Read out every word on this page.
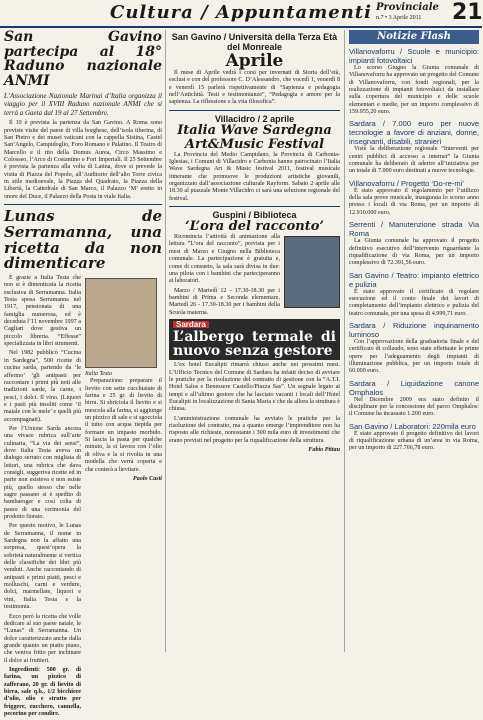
Cultura / Appuntamenti Provinciale
n.7 • 3 Aprile 2011 21
San Gavino partecipa al 18° Raduno nazionale ANMI
L’Associazione Nazionale Marinai d’Italia organizza il viaggio per il XVIII Raduno nazionale ANMI che si terrà a Gaeta dal 19 al 27 Settembre.

Il 19 è prevista la partenza da San Gavino. A Roma sono previste visite del paese di villa borghese, dell’isola tiberina, di San Pietro e dei musei vaticani con la cappella Sistina, Castel San’Angelo, Campidoglio, Foro Romano e Palatino. Il Teatro di Marcello e il rito della Domus Aurea, Circo Massimo e Colosseo, l’Arco di Costantino e Fori Imperiali. Il 25 Settembre è prevista la partenza alla volta di Latina, dove si prevede la visita di Piazza del Popolo, all’Auditorio dell’alto Torre civica in stile medioevale, la Piazza del Quadrato, la Piazza della Libertà, la Cattedrale di San Marco, il Palazzo ‘M’ eretto in onore del Duce, il Palazzo della Posta in viale Italia.

Lunas de Serramanna, una ricetta da non dimenticare

È grazie a Italia Testa che non si è dimenticata la ricetta esclusiva di Serramanna. Italia Testa sposa Serramanna nel 1917, pensionata di una famiglia numerosa, ed è deceduta l’11 novembre 1997 a Cagliari dove gestiva un piccolo libreria. “Effesse” specializzata in libri strumenti.

Nel 1982 pubblicò “Cucina in Sardegna”, 500 ricette di cucina sarda, partendo da ‘le affermo’ ‘gli antipasti per raccontare i primi più noti alle tradizioni sarde, la carne, i pesci, i dolci. Il vino. (Liquori e i pasti più insoliti come ‘il maiale con le mele’ e quelli più accompagnati).

Per l’Unione Sarda ancora una vivace rubrica sull’arte culinaria, “La via dei sensi”, dove Italia Testa aveva un dialogo serrato con migliaia di lettori, una rubrica che dava consigli, suggeriva ricette ed in parte non esisteva e non esiste più, quello stesso che nelle sagre passano si è spedito di bambaroger e così colta di passo di una cerimonia del prodotto fioraio.

Per questo motivo, le Lunas de Serramanna, il nome in Sardegna non fa affatto una sorpresa, quest’opera la sobrietà naturalmente si vertica delle classifiche dei libri più venduti. Anche raccontando di antipasti e primi piatti, pesci e molluschi, carni e verdure, dolci, marmellate, liquori e vini, Italia Testa e la testimonia.

Ecco però la ricetta che volle dedicare al suo paese natale, le “Lunas” di Serramanna. Un dolce caratterizzato anche dalla grande quanto un piatto piano, che veniva fritto per inchinare il dolce ai fruttieri.

Ingredienti: 500 gr. di farina, un pizzico di zafferano, 20 gr. di lievito di birra, sale q.b., 1/2 bicchiere d’olio, olio e strutto per friggere, zucchero, cannella, pecorino per condire.

Italia Testa

Preparazione: preparare il lievito con sette cucchiaiate di farina e 25 gr. di lievito di birra. Si sbriciola il lievito e si mescola alla farina, si aggiunge un pizzico di sale e si sgocciola il tutto con acqua tiepida per formare un impasto morbido. Si lascia la pasta per qualche minuto, la si lavora con l’olio di oliva e la si rivolta in una modella che verrà coperta e che conterà a lievitare.

Paolo Casti
San Gavino / Università della Terza Età del Monreale
Aprile

Il mese di Aprile vedrà i corsi per invernati di Storia dell’età, esclusi e con del professore C. D’Alessandro, che vocedì 1, venerdì 8 e venerdì 15 parlerà rispettivamente di “Sapienza e pedagogia nell’Antichità. Testi e testimonianze”, “Pedagogia e amore per la sapienza. La riflessione e la vita filosofica”.

Villacidro / 2 aprile
Italia Wave Sardegna Art&Music Festival

La Provincia del Medio Campidano, la Provincia di Carbonia-Iglesias, i Comuni di Villacidro e Carbonia hanno patrocinato l’Italia Wave Sardegna Art & Music festival 2011, festival musicale itinerante che promuove le produzioni artistiche giovanili, organizzato dall’associazione culturale Rayform. Sabato 2 aprile alle 18.30 al piazzale Monte Villacidro ci sarà una selezione regionale del festival.

Guspini / Biblioteca
‘L’ora del racconto’

Ricomincia l’attività di animazione alla lettura “L’ora del racconto”, prevista per i mesi di Marzo e Giugno nella Biblioteca comunale. La partecipazione è gratuita e, come di consueto, la sala sarà divisa in due: una pilota con i bambini che parteciperanno ai laboratori.

Marzo / Martedì 12 - 17.30-18.30 per i bambini di Prima e Seconda elementare. Martedì 26 - 17.30-18.30 per i bambini della Scuola materna.

Sardara
L’albergo termale di nuovo senza gestore

L’ex hotel Eucalipti rimarrà chiuso anche nei prossimi mesi. L’Ufficio Tecnico del Comune di Sardara ha infatti deciso di avviare le pratiche per la risoluzione del contratto di gestione con la “A.T.I. Hotel Salus e Benessere Castello/Piazza Sas”. Un segnale legato ai tempi e all’ultimo gestore che ha lasciato vacanti i locali dell’Hotel Eucalipti in localizzazione di Santa Maria e che da allora la struttura è chiusa.

L’amministrazione comunale ha avviato le pratiche per la risoluzione del contratto, ma a quanto emerge l’imprenditore non ha risposto alle richieste, nonostante i 300 mila euro di investimenti che erano previsti nel progetto per la riqualificazione della struttura.

Fabio Pittau
Notizie Flash
Villanovaforru / Scuole e municipio: impianti fotovoltaici

Lo scorso Giugno la Giunta comunale di Villanovaforru ha approvato un progetto del Comune di Villanovaforru, con fondi regionali, per la realizzazione di impianti fotovoltaici da installare sulla copertura del municipio e delle scuole elementari e medie, per un importo complessivo di 159.955,20 euro.

Sardara / 7.000 euro per nuove tecnologie a favore di anziani, donne, insegnanti, disabili, stranieri

Viste la deliberazione regionale “Interventi per centri pubblici di accesso a internet” la Giunta comunale ha deliberato di aderire all’iniziativa per un totale di 7.000 euro destinati a nuove tecnologie.

Villanovaforru / Progetto ‘Do-re-mi’

È stato approvato il regolamento per l’utilizzo della sala prove musicale, inaugurata lo scorso anno presso i locali di via Roma, per un importo di 12.910.000 euro.

Serrenti / Manutenzione strada Via Roma

La Giunta comunale ha approvato il progetto definitivo esecutivo dell’intervento riguardante la riqualificazione di via Roma, per un importo complessivo di 72.391,56 euro.

San Gavino / Teatro: impianto elettrico e pulizia

È stato approvato il certificato di regolare esecuzione ed il conto finale dei lavori di completamento dell’impianto elettrico e pulizia del teatro comunale, per una spesa di 4.999,71 euro.

Sardara / Riduzione inquinamento luminoso

Con l’approvazione della graduatoria finale e del certificato di collaudo, sono state effettuate le prime opere per l’adeguamento degli impianti di illuminazione pubblica, per un importo totale di 60.000 euro.

Sardara / Liquidazione canone Omphalos

Nel Dicembre 2009 era stato definito il disciplinare per la concessione del parco Omphalos: il Comune ha incassato 1.200 euro.

San Gavino / Laboratori: 220mila euro

È stato approvato il progetto definitivo dei lavori di riqualificazione urbana di un’area in via Roma, per un importo di 227.766,78 euro.
